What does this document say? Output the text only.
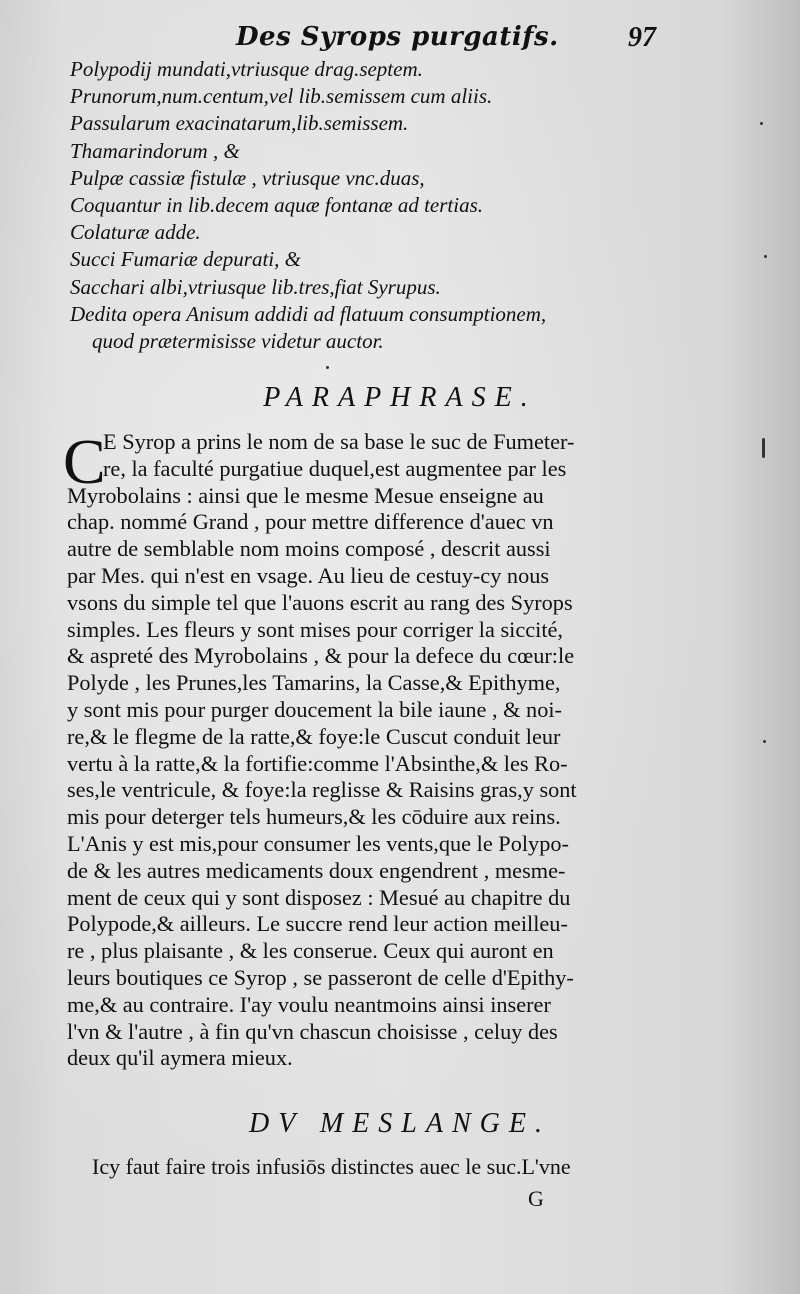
Des Syrops purgatifs. 97
Polypodij mundati,vtriusque drag.septem.
Prunorum,num.centum,vel lib.semissem cum aliis.
Passularum exacinatarum,lib.semissem.
Thamarindorum , &
Pulpæ cassiæ fistulæ , vtriusque vnc.duas,
Coquantur in lib.decem aquæ fontanæ ad tertias.
Colaturæ adde.
Succi Fumariæ depurati, &
Sacchari albi,vtriusque lib.tres,fiat Syrupus.
Dedita opera Anisum addidi ad flatuum consumptionem,
quod prætermisisse videtur auctor.
PARAPHRASE.
C
E Syrop a prins le nom de sa base le suc de Fumeter-
re, la faculté purgatiue duquel,est augmentee par les
Myrobolains : ainsi que le mesme Mesue enseigne au
chap. nommé Grand , pour mettre difference d'auec vn
autre de semblable nom moins composé , descrit aussi
par Mes. qui n'est en vsage. Au lieu de cestuy-cy nous
vsons du simple tel que l'auons escrit au rang des Syrops
simples. Les fleurs y sont mises pour corriger la siccité,
& aspreté des Myrobolains , & pour la defece du cœur:le
Polyde , les Prunes,les Tamarins, la Casse,& Epithyme,
y sont mis pour purger doucement la bile iaune , & noi-
re,& le flegme de la ratte,& foye:le Cuscut conduit leur
vertu à la ratte,& la fortifie:comme l'Absinthe,& les Ro-
ses,le ventricule, & foye:la reglisse & Raisins gras,y sont
mis pour deterger tels humeurs,& les cōduire aux reins.
L'Anis y est mis,pour consumer les vents,que le Polypo-
de & les autres medicaments doux engendrent , mesme-
ment de ceux qui y sont disposez : Mesué au chapitre du
Polypode,& ailleurs. Le succre rend leur action meilleu-
re , plus plaisante , & les conserue. Ceux qui auront en
leurs boutiques ce Syrop , se passeront de celle d'Epithy-
me,& au contraire. I'ay voulu neantmoins ainsi inserer
l'vn & l'autre , à fin qu'vn chascun choisisse , celuy des
deux qu'il aymera mieux.
DV MESLANGE.
Icy faut faire trois infusiōs distinctes auec le suc.L'vne
G
